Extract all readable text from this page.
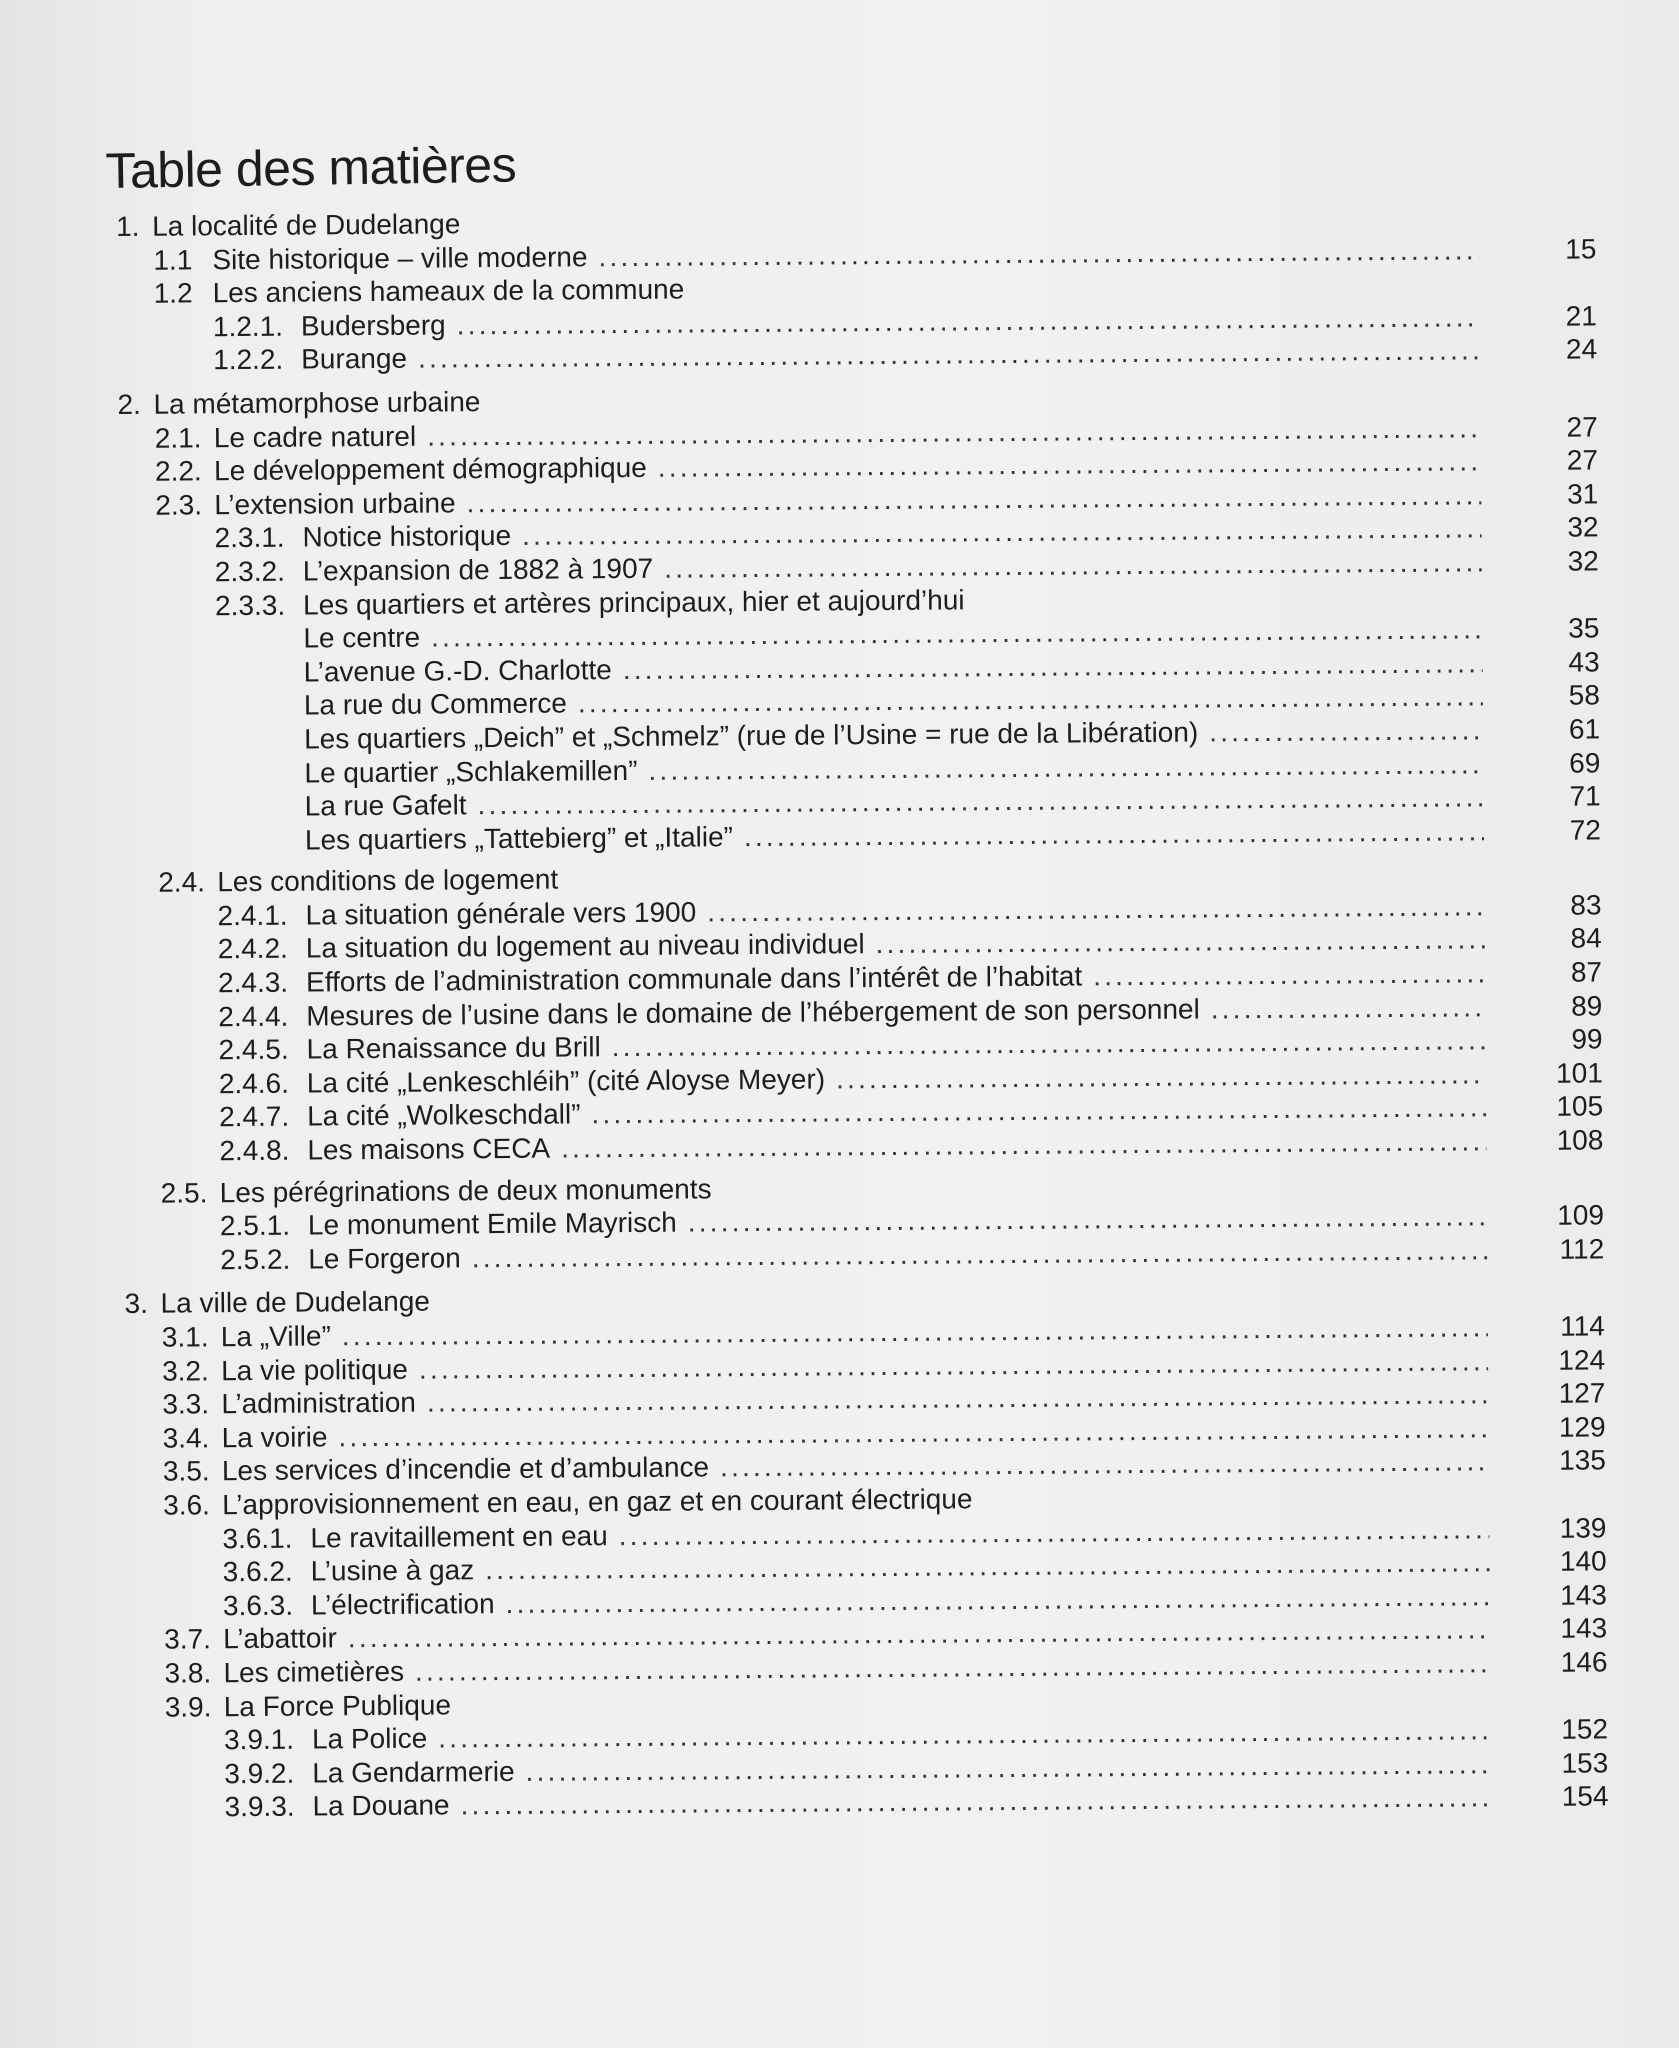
Table des matières
1. La localité de Dudelange
1.1 Site historique – ville moderne .....	15
1.2 Les anciens hameaux de la commune
1.2.1. Budersberg .....	21
1.2.2. Burange .....	24
2. La métamorphose urbaine
2.1. Le cadre naturel .....	27
2.2. Le développement démographique .....	27
2.3. L’extension urbaine .....	31
2.3.1. Notice historique .....	32
2.3.2. L’expansion de 1882 à 1907 .....	32
2.3.3. Les quartiers et artères principaux, hier et aujourd’hui
Le centre .....	35
L’avenue G.-D. Charlotte .....	43
La rue du Commerce .....	58
Les quartiers „Deich” et „Schmelz” (rue de l’Usine = rue de la Libération) .....	61
Le quartier „Schlakemillen” .....	69
La rue Gafelt .....	71
Les quartiers „Tattebierg” et „Italie” .....	72
2.4. Les conditions de logement
2.4.1. La situation générale vers 1900 .....	83
2.4.2. La situation du logement au niveau individuel .....	84
2.4.3. Efforts de l’administration communale dans l’intérêt de l’habitat .....	87
2.4.4. Mesures de l’usine dans le domaine de l’hébergement de son personnel .....	89
2.4.5. La Renaissance du Brill .....	99
2.4.6. La cité „Lenkeschléih” (cité Aloyse Meyer) .....	101
2.4.7. La cité „Wolkeschdall” .....	105
2.4.8. Les maisons CECA .....	108
2.5. Les pérégrinations de deux monuments
2.5.1. Le monument Emile Mayrisch .....	109
2.5.2. Le Forgeron .....	112
3. La ville de Dudelange
3.1. La „Ville” .....	114
3.2. La vie politique .....	124
3.3. L’administration .....	127
3.4. La voirie .....	129
3.5. Les services d’incendie et d’ambulance .....	135
3.6. L’approvisionnement en eau, en gaz et en courant électrique
3.6.1. Le ravitaillement en eau .....	139
3.6.2. L’usine à gaz .....	140
3.6.3. L’électrification .....	143
3.7. L’abattoir .....	143
3.8. Les cimetières .....	146
3.9. La Force Publique
3.9.1. La Police .....	152
3.9.2. La Gendarmerie .....	153
3.9.3. La Douane .....	154
